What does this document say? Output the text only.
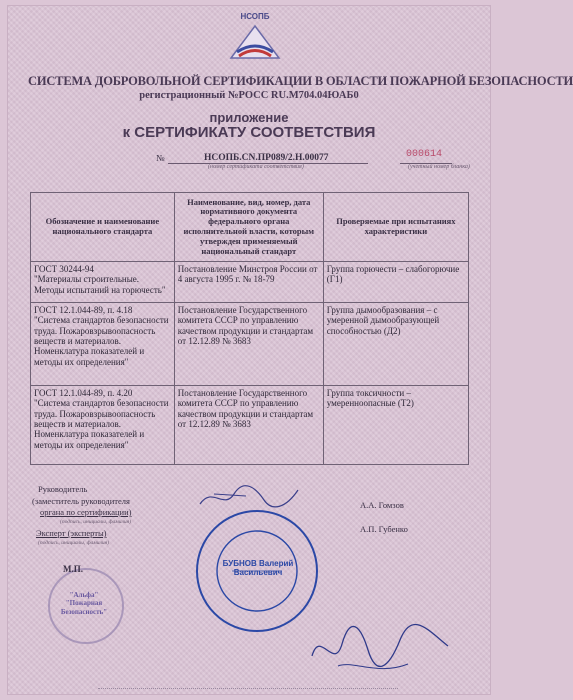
НСОПБ
СИСТЕМА ДОБРОВОЛЬНОЙ СЕРТИФИКАЦИИ В ОБЛАСТИ ПОЖАРНОЙ БЕЗОПАСНОСТИ
регистрационный №РОСС RU.М704.04ЮАБ0
приложение
к СЕРТИФИКАТУ СООТВЕТСТВИЯ
№	НСОПБ.CN.ПР089/2.Н.00077
(номер сертификата соответствия)
000614
(учетный номер бланка)
Обозначение и наименование национального стандарта	Наименование, вид, номер, дата нормативного документа федерального органа исполнительной власти, которым утвержден применяемый национальный стандарт	Проверяемые при испытаниях характеристики
ГОСТ 30244-94
"Материалы строительные. Методы испытаний на горючесть"	Постановление Минстроя России от 4 августа 1995 г. № 18-79	Группа горючести – слабогорючие (Г1)
ГОСТ 12.1.044-89, п. 4.18
"Система стандартов безопасности труда. Пожаровзрывоопасность веществ и материалов. Номенклатура показателей и методы их определения"	Постановление Государственного комитета СССР по управлению качеством продукции и стандартам от 12.12.89 № 3683	Группа дымообразования – с умеренной дымообразующей способностью (Д2)
ГОСТ 12.1.044-89, п. 4.20
"Система стандартов безопасности труда. Пожаровзрывоопасность веществ и материалов. Номенклатура показателей и методы их определения"	Постановление Государственного комитета СССР по управлению качеством продукции и стандартам от 12.12.89 № 3683	Группа токсичности – умеренноопасные (Т2)
Руководитель
(заместитель руководителя
органа по сертификации)
(подпись, инициалы, фамилия)
А.А. Гомзов
Эксперт (эксперты)
(подпись, инициалы, фамилия)
А.П. Губенко
М.П.
"Альфа" "Пожарная Безопасность"
БУБНОВ Валерий Васильевич
